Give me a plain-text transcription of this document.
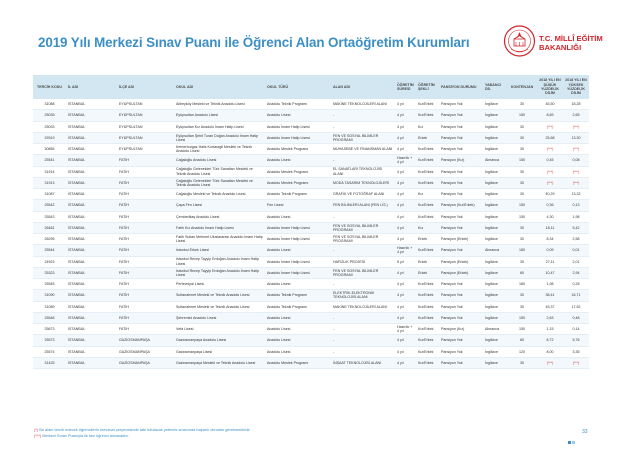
2019 Yılı Merkezi Sınav Puanı ile Öğrenci Alan Ortaöğretim Kurumları	T.C. MİLLÎ EĞİTİM
BAKANLIĞI
TERCİH KODU	İL ADI	İLÇE ADI	OKUL ADI	OKUL TÜRÜ	ALAN ADI	ÖĞRETİM SÜRESİ	ÖĞRETİM ŞEKLİ	PANSİYON DURUMU	YABANCI DİL	KONTENJAN	2018 YILI EN DÜŞÜK YÜZDELİK DİLİM	2018 YILI EN YÜKSEK YÜZDELİK DİLİM
31088	İSTANBUL	EYÜPSULTAN	Alibeyköy Mesleki ve Teknik Anadolu Lisesi	Anadolu Teknik Programı	MAKİNE TEKNOLOJİLERİ ALANI	4 yıl	Kız/Erkek	Pansiyon Yok	İngilizce	30	45,50	18,28
25035	İSTANBUL	EYÜPSULTAN	Eyüpsultan Anadolu Lisesi	Anadolu Lisesi	-	4 yıl	Kız/Erkek	Pansiyon Yok	İngilizce	150	8,69	2,65
25033	İSTANBUL	EYÜPSULTAN	Eyüpsultan Kız Anadolu İmam Hatip Lisesi	Anadolu İmam Hatip Lisesi	-	4 yıl	Kız	Pansiyon Yok	İngilizce	30	(***)	(***)
29319	İSTANBUL	EYÜPSULTAN	Eyüpsultan Şehit Turan Doğan Anadolu İmam Hatip Lisesi	Anadolu İmam Hatip Lisesi	FEN VE SOSYAL BİLİMLER PROGRAMI	4 yıl	Erkek	Pansiyon Yok	İngilizce	30	25,68	13,30
30855	İSTANBUL	EYÜPSULTAN	Kemerburgaz Halis Kurtaragil Mesleki ve Teknik Anadolu Lisesi	Anadolu Meslek Programı	MUHASEBE VE FİNANSMAN ALANI	4 yıl	Kız/Erkek	Pansiyon Yok	İngilizce	30	(***)	(***)
25541	İSTANBUL	FATİH	Cağaloğlu Anadolu Lisesi	Anadolu Lisesi	-	Hazırlık + 4 yıl	Kız/Erkek	Pansiyon (Kız)	Almanca	150	0,45	0,08
31914	İSTANBUL	FATİH	Cağaloğlu Gelenekleri Türk Sanatları Mesleki ve Teknik Anadolu Lisesi	Anadolu Meslek Programı	EL SANATLARI TEKNOLOJİSİ ALANI	4 yıl	Kız/Erkek	Pansiyon Yok	İngilizce	30	(***)	(***)
31913	İSTANBUL	FATİH	Cağaloğlu Gelenekleri Türk Sanatları Mesleki ve Teknik Anadolu Lisesi	Anadolu Meslek Programı	MODA TASARIM TEKNOLOJİLERİ	4 yıl	Kız/Erkek	Pansiyon Yok	İngilizce	30	(***)	(***)
31087	İSTANBUL	FATİH	Cağaloğlu Mesleki ve Teknik Anadolu Lisesi	Anadolu Teknik Programı	GRAFİK VE FOTOĞRAF ALANI	4 yıl	Kız	Pansiyon Yok	İngilizce	30	40,29	13,32
25542	İSTANBUL	FATİH	Çapa Fen Lisesi	Fen Lisesi	FEN BİLİMLERİ ALANI (FEN LİS.)	4 yıl	Kız/Erkek	Pansiyon (Kız/Erkek)	İngilizce	150	0,36	0,13
25543	İSTANBUL	FATİH	Çemberlitaş Anadolu Lisesi	Anadolu Lisesi	-	4 yıl	Kız/Erkek	Pansiyon Yok	İngilizce	150	4,30	1,98
26461	İSTANBUL	FATİH	Fatih Kız Anadolu İmam Hatip Lisesi	Anadolu İmam Hatip Lisesi	FEN VE SOSYAL BİLİMLER PROGRAMI	4 yıl	Kız	Pansiyon Yok	İngilizce	30	18,11	5,42
26295	İSTANBUL	FATİH	Fatih Sultan Mehmet Uluslararası Anadolu İmam Hatip Lisesi	Anadolu İmam Hatip Lisesi	FEN VE SOSYAL BİLİMLER PROGRAMI	4 yıl	Erkek	Pansiyon (Erkek)	İngilizce	30	8,34	2,58
25544	İSTANBUL	FATİH	İstanbul Erkek Lisesi	Anadolu Lisesi	-	Hazırlık + 4 yıl	Kız/Erkek	Pansiyon Yok	Almanca	180	0,09	0,01
24923	İSTANBUL	FATİH	İstanbul Recep Tayyip Erdoğan Anadolu İmam Hatip Lisesi	Anadolu İmam Hatip Lisesi	HAFIZLIK PROJESİ	5 yıl	Erkek	Pansiyon (Erkek)	İngilizce	30	27,11	2,01
25323	İSTANBUL	FATİH	İstanbul Recep Tayyip Erdoğan Anadolu İmam Hatip Lisesi	Anadolu İmam Hatip Lisesi	FEN VE SOSYAL BİLİMLER PROGRAMI	4 yıl	Erkek	Pansiyon (Erkek)	İngilizce	60	10,47	2,94
25545	İSTANBUL	FATİH	Pertevniyal Lisesi	Anadolu Lisesi	-	4 yıl	Kız/Erkek	Pansiyon Yok	İngilizce	180	1,98	0,28
31090	İSTANBUL	FATİH	Sultanahmet Mesleki ve Teknik Anadolu Lisesi	Anadolu Teknik Programı	ELEKTRİK-ELEKTRONİK TEKNOLOJİSİ ALANI	4 yıl	Kız/Erkek	Pansiyon Yok	İngilizce	30	38,41	16,71
31089	İSTANBUL	FATİH	Sultanahmet Mesleki ve Teknik Anadolu Lisesi	Anadolu Teknik Programı	MAKİNE TEKNOLOJİLERİ ALANI	4 yıl	Kız/Erkek	Pansiyon Yok	İngilizce	30	45,37	17,52
25548	İSTANBUL	FATİH	Şehremini Anadolu Lisesi	Anadolu Lisesi	-	4 yıl	Kız/Erkek	Pansiyon Yok	İngilizce	150	2,63	0,48
25673	İSTANBUL	FATİH	Vefa Lisesi	Anadolu Lisesi	-	Hazırlık + 4 yıl	Kız/Erkek	Pansiyon (Kız)	Almanca	150	1,15	0,14
25573	İSTANBUL	GAZİOSMANPAŞA	Gaziosmanpaşa Anadolu Lisesi	Anadolu Lisesi	-	4 yıl	Kız/Erkek	Pansiyon Yok	İngilizce	60	8,72	5,76
25574	İSTANBUL	GAZİOSMANPAŞA	Gaziosmanpaşa Lisesi	Anadolu Lisesi	-	4 yıl	Kız/Erkek	Pansiyon Yok	İngilizce	120	8,00	3,35
31425	İSTANBUL	GAZİOSMANPAŞA	Gaziosmanpaşa Mesleki ve Teknik Anadolu Lisesi	Anadolu Meslek Programı	İNŞAAT TEKNOLOJİSİ ALANI	4 yıl	Kız/Erkek	Pansiyon Yok	İngilizce	30	(***)	(***)
(*) Bu alanı tercih edecek öğrencilerin mevzuat çerçevesinde tabi tutulacak yetenek sınavında başarılı olmaları gerekmektedir.
(***) Merkezi Sınav Puanıyla ilk kez öğrenci alınacaktır.
33
